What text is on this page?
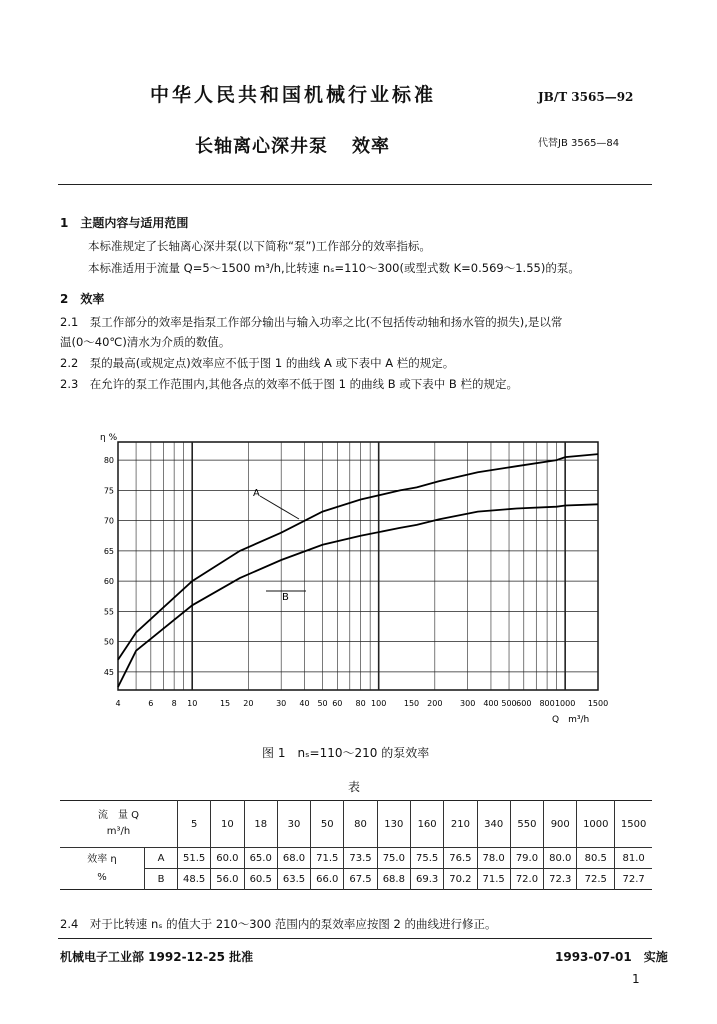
中华人民共和国机械行业标准	JB/T 3565—92
长轴离心深井泵 效率	代替JB 3565—84
1　主题内容与适用范围
本标准规定了长轴离心深井泵(以下简称“泵”)工作部分的效率指标。
本标准适用于流量 Q=5～1500 m³/h,比转速 nₛ=110～300(或型式数 K=0.569～1.55)的泵。
2　效率
2.1　泵工作部分的效率是指泵工作部分输出与输入功率之比(不包括传动轴和扬水管的损失),是以常
温(0～40℃)清水为介质的数值。
2.2　泵的最高(或规定点)效率应不低于图 1 的曲线 A 或下表中 A 栏的规定。
2.3　在允许的泵工作范围内,其他各点的效率不低于图 1 的曲线 B 或下表中 B 栏的规定。
4	6 8 10	15 20	30 40 50 60 80 100 150 200 300 400 500 600 800 1000 1500
80
75
70
65
60
55
50
45
η %
Q　m³/h
A
B
图 1　nₛ=110～210 的泵效率
表
流　量 Q
m³/h		5	10	18	30	50	80	130	160	210	340	550	900	1000	1500

效率 η
%	A	51.5	60.0	65.0	68.0	71.5	73.5	75.0	75.5	76.5	78.0	79.0	80.0	80.5	81.0
	B	48.5	56.0	60.5	63.5	66.0	67.5	68.8	69.3	70.2	71.5	72.0	72.3	72.5	72.7
2.4　对于比转速 nₛ 的值大于 210～300 范围内的泵效率应按图 2 的曲线进行修正。
机械电子工业部 1992-12-25 批准	1993-07-01　实施
1
